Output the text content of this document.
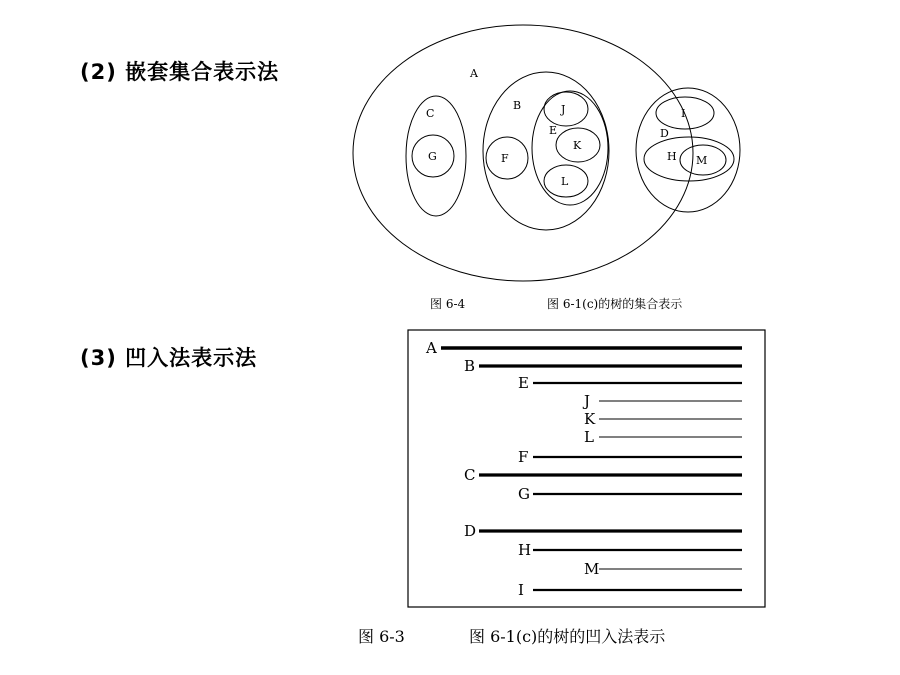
(2) 嵌套集合表示法
(3) 凹入法表示法
A
B
C
G	F
E
J
K
L
D
I
H M
A
B
E
J
K
L
F
C
G
D
H
M
I
图 6-4	图 6-1(c)的树的集合表示
图 6-3	图 6-1(c)的树的凹入法表示
